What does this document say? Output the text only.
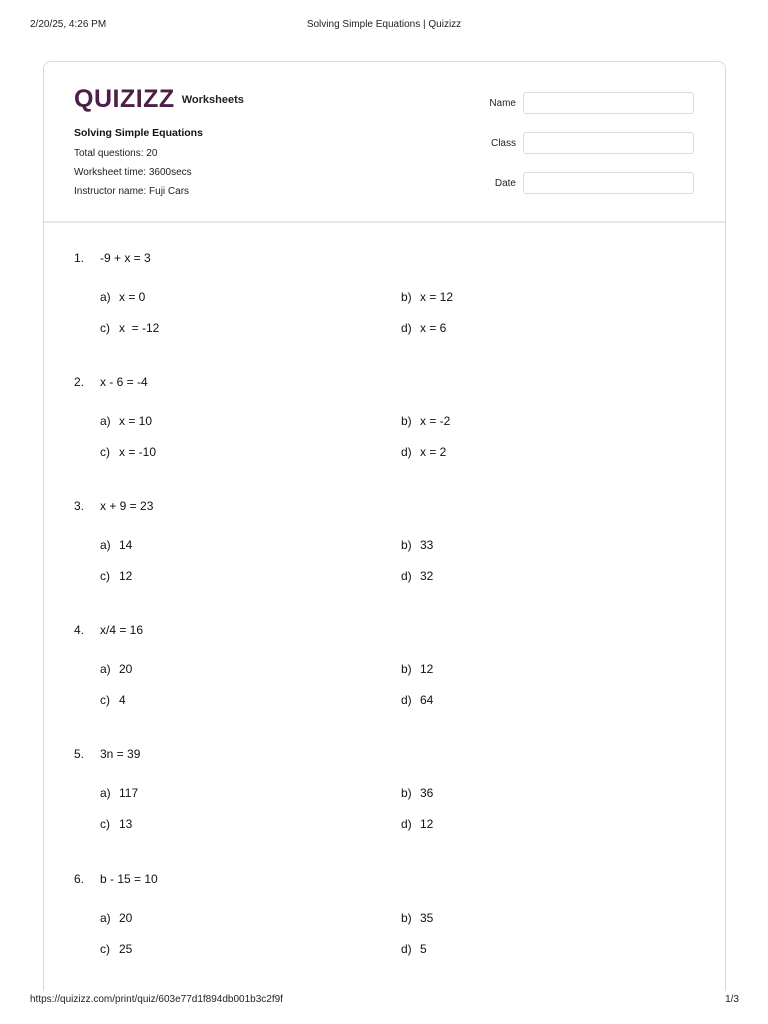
2/20/25, 4:26 PM	Solving Simple Equations | Quizizz
QUIZIZZ Worksheets
Solving Simple Equations
Total questions: 20
Worksheet time: 3600secs
Instructor name: Fuji Cars
Name
Class
Date
1. -9 + x = 3
a) x = 0	b) x = 12
c) x  = -12	d) x = 6
2. x - 6 = -4
a) x = 10	b) x = -2
c) x = -10	d) x = 2
3. x + 9 = 23
a) 14	b) 33
c) 12	d) 32
4. x/4 = 16
a) 20	b) 12
c) 4	d) 64
5. 3n = 39
a) 117	b) 36
c) 13	d) 12
6. b - 15 = 10
a) 20	b) 35
c) 25	d) 5
https://quizizz.com/print/quiz/603e77d1f894db001b3c2f9f	1/3
